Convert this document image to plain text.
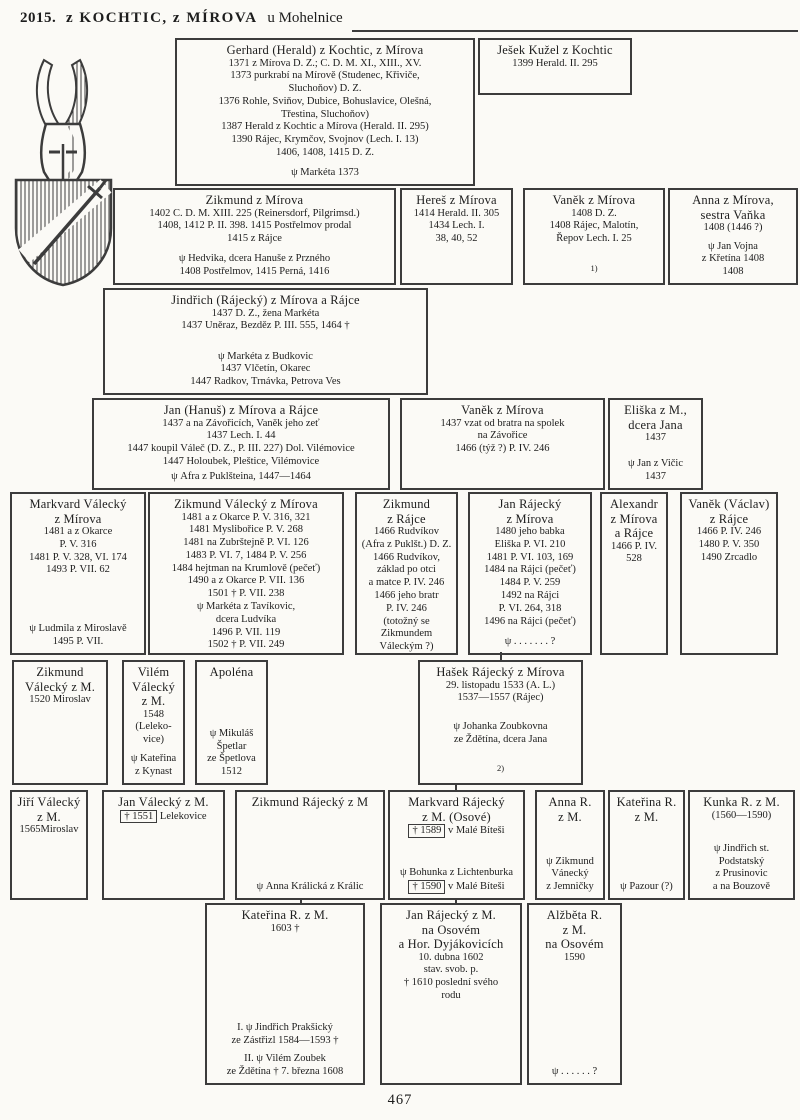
2015. z KOCHTIC, z MÍROVA u Mohelnice
467
Gerhard (Herald) z Kochtic, z Mírova
1371 z Mírova D. Z.; C. D. M. XI., XIII., XV.
1373 purkrabí na Mírově (Studenec, Křiviče,
Sluchoňov) D. Z.
1376 Rohle, Sviňov, Dubice, Bohuslavice, Olešná,
Třestina, Sluchoňov)
1387 Herald z Kochtic a Mírova (Herald. II. 295)
1390 Rájec, Krymčov, Svojnov (Lech. I. 13)
1406, 1408, 1415 D. Z.
ψ Markéta 1373
Ješek Kužel z Kochtic
1399 Herald. II. 295
Zikmund z Mírova
1402 C. D. M. XIII. 225 (Reinersdorf, Pilgrimsd.)
1408, 1412 P. II. 398. 1415 Postřelmov prodal
1415 z Rájce
ψ Hedvika, dcera Hanuše z Przného
1408 Postřelmov, 1415 Perná, 1416
Hereš z Mírova
1414 Herald. II. 305
1434 Lech. I.
38, 40, 52
Vaněk z Mírova
1408 D. Z.
1408 Rájec, Malotín,
Řepov Lech. I. 25
1)
Anna z Mírova,
sestra Vaňka
1408 (1446 ?)
ψ Jan Vojna
z Křetína 1408
1408
Jindřich (Rájecký) z Mírova a Rájce
1437 D. Z., žena Markéta
1437 Uněraz, Bezděz P. III. 555, 1464 †
ψ Markéta z Budkovic
1437 Vlčetín, Okarec
1447 Radkov, Trnávka, Petrova Ves
Jan (Hanuš) z Mírova a Rájce
1437 a na Závořicích, Vaněk jeho zeť
1437 Lech. I. 44
1447 koupil Váleč (D. Z., P. III. 227) Dol. Vilémovice
1447 Holoubek, Pleštice, Vilémovice
ψ Afra z Puklšteina, 1447—1464
Vaněk z Mírova
1437 vzat od bratra na spolek
na Závořice
1466 (týž ?) P. IV. 246
Eliška z M.,
dcera Jana
1437
ψ Jan z Vičic
1437
Markvard Válecký
z Mírova
1481 a z Okarce
P. V. 316
1481 P. V. 328, VI. 174
1493 P. VII. 62
ψ Ludmila z Miroslavě
1495 P. VII.
Zikmund Válecký z Mírova
1481 a z Okarce P. V. 316, 321
1481 Myslibořice P. V. 268
1481 na Zubrštejně P. VI. 126
1483 P. VI. 7, 1484 P. V. 256
1484 hejtman na Krumlově (pečeť)
1490 a z Okarce P. VII. 136
1501 † P. VII. 238
ψ Markéta z Tavíkovic,
dcera Ludvíka
1496 P. VII. 119
1502 † P. VII. 249
Zikmund
z Rájce
1466 Rudvíkov
(Afra z Puklšt.) D. Z.
1466 Rudvíkov,
základ po otci
a matce P. IV. 246
1466 jeho bratr
P. IV. 246
(totožný se
Zikmundem
Váleckým ?)
Jan Rájecký
z Mírova
1480 jeho babka
Eliška P. VI. 210
1481 P. VI. 103, 169
1484 na Rájci (pečeť)
1484 P. V. 259
1492 na Rájci
P. VI. 264, 318
1496 na Rájci (pečeť)
ψ . . . . . . . ?
Alexandr
z Mírova
a Rájce
1466 P. IV.
528
Vaněk (Václav)
z Rájce
1466 P. IV. 246
1480 P. V. 350
1490 Zrcadlo
Zikmund
Válecký z M.
1520 Miroslav
Vilém
Válecký
z M.
1548
(Leleko-
vice)
ψ Kateřina
z Kynast
Apoléna
ψ Mikuláš
Špetlar
ze Špetlova
1512
Hašek Rájecký z Mírova
29. listopadu 1533 (A. L.)
1537—1557 (Rájec)
ψ Johanka Zoubkovna
ze Ždětína, dcera Jana
2)
Jiří Válecký
z M.
1565Miroslav
Jan Válecký z M.
† 1551 Lelekovice
Zikmund Rájecký z M
ψ Anna Králická z Králic
Markvard Rájecký
z M. (Osové)
† 1589 v Malé Bíteši
ψ Bohunka z Lichtenburka
† 1590 v Malé Bíteši
Anna R.
z M.
ψ Zikmund
Vánecký
z Jemničky
Kateřina R.
z M.
ψ Pazour (?)
Kunka R. z M.
(1560—1590)
ψ Jindřich st.
Podstatský
z Prusinovic
a na Bouzově
Kateřina R. z M.
1603 †
I. ψ Jindřich Prakšický
ze Zástřizl 1584—1593 †
II. ψ Vilém Zoubek
ze Ždětína † 7. března 1608
Jan Rájecký z M.
na Osovém
a Hor. Dyjákovicích
10. dubna 1602
stav. svob. p.
† 1610 poslední svého
rodu
Alžběta R.
z M.
na Osovém
1590
ψ . . . . . . ?
